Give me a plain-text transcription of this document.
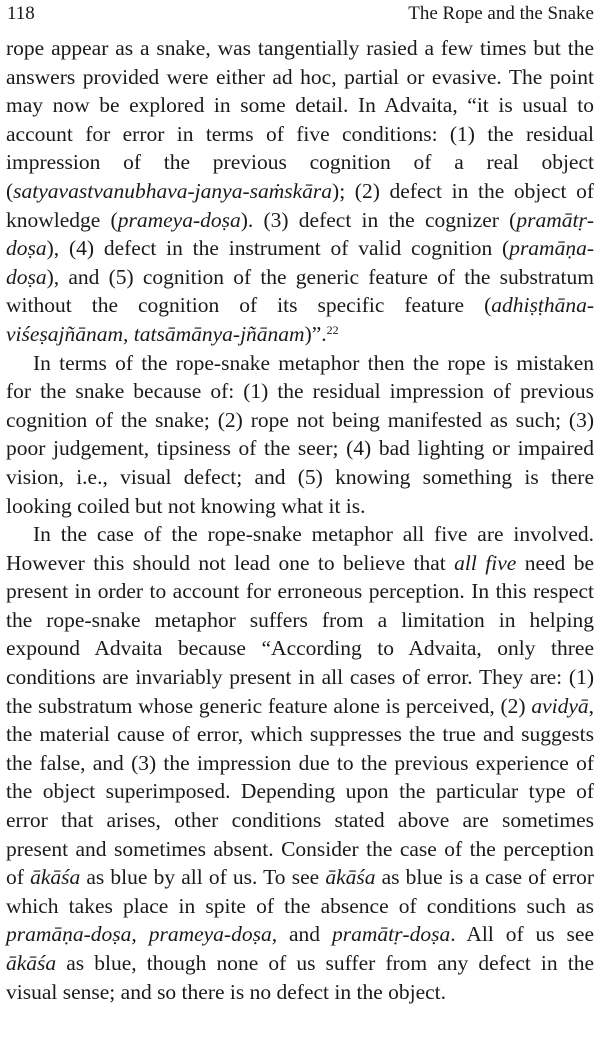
118	The Rope and the Snake

rope appear as a snake, was tangentially rasied a few times but the answers provided were either ad hoc, partial or evasive. The point may now be explored in some detail. In Advaita, “it is usual to account for error in terms of five conditions: (1) the residual impression of the previous cognition of a real object (satyavastvanubhava-janya-saṁskāra); (2) defect in the object of knowledge (prameya-doṣa). (3) defect in the cognizer (pramātṛ-doṣa), (4) defect in the instrument of valid cognition (pramāṇa-doṣa), and (5) cognition of the generic feature of the substratum without the cognition of its specific feature (adhiṣṭhāna-viśeṣajñānam, tatsāmānya-jñānam)”.$^{22}$

In terms of the rope-snake metaphor then the rope is mistaken for the snake because of: (1) the residual impression of previous cognition of the snake; (2) rope not being manifested as such; (3) poor judgement, tipsiness of the seer; (4) bad lighting or impaired vision, i.e., visual defect; and (5) knowing something is there looking coiled but not knowing what it is.

In the case of the rope-snake metaphor all five are involved. However this should not lead one to believe that all five need be present in order to account for erroneous perception. In this respect the rope-snake metaphor suffers from a limitation in helping expound Advaita because “According to Advaita, only three conditions are invariably present in all cases of error. They are: (1) the substratum whose generic feature alone is perceived, (2) avidyā, the material cause of error, which suppresses the true and suggests the false, and (3) the impression due to the previous experience of the object superimposed. Depending upon the particular type of error that arises, other conditions stated above are sometimes present and sometimes absent. Consider the case of the perception of ākāśa as blue by all of us. To see ākāśa as blue is a case of error which takes place in spite of the absence of conditions such as pramāṇa-doṣa, prameya-doṣa, and pramātṛ-doṣa. All of us see ākāśa as blue, though none of us suffer from any defect in the visual sense; and so there is no defect in the object.
